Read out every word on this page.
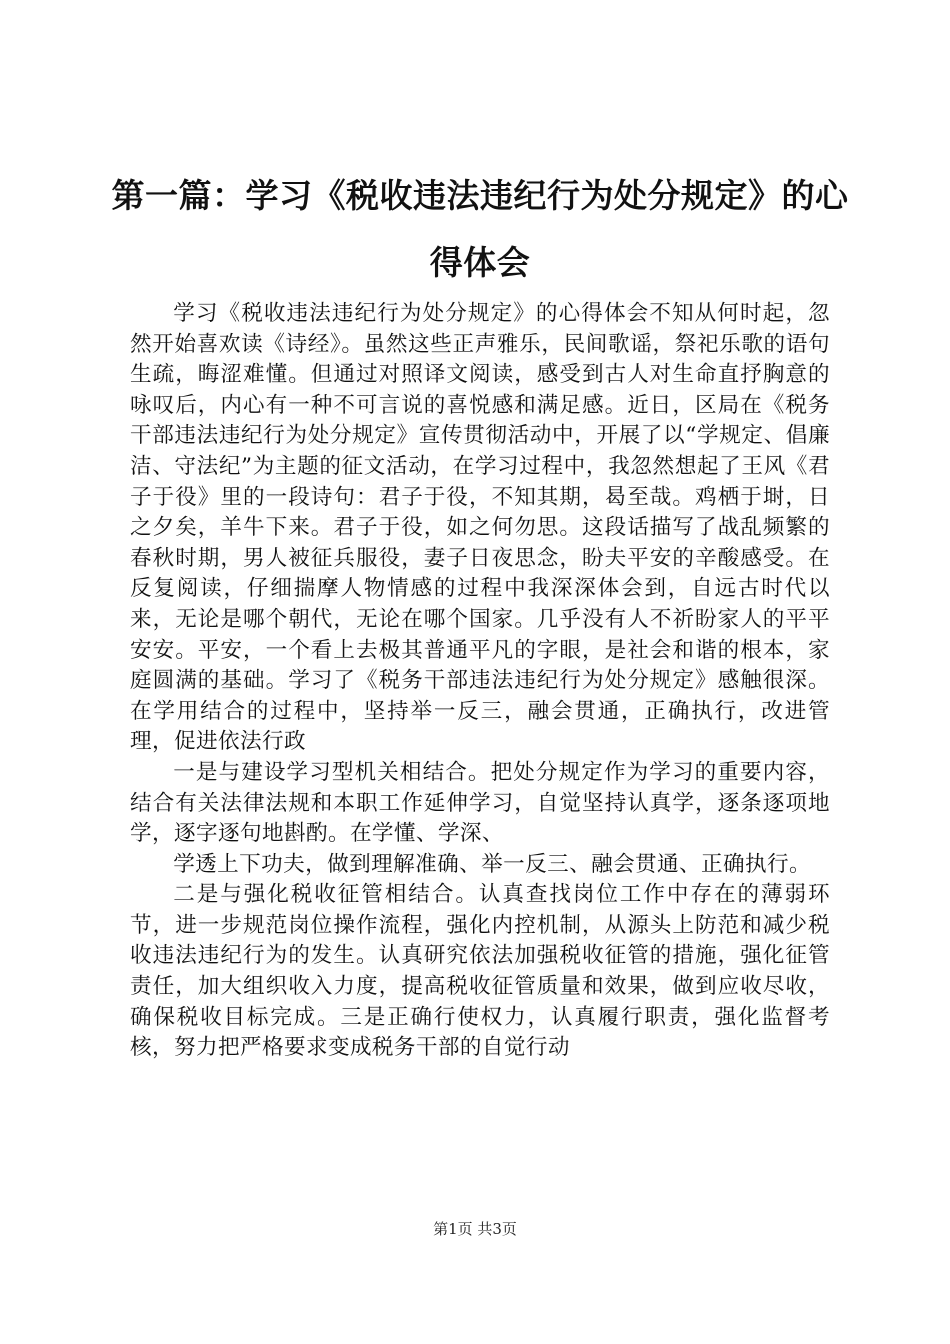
第一篇：学习《税收违法违纪行为处分规定》的心得体会

学习《税收违法违纪行为处分规定》的心得体会不知从何时起，忽然开始喜欢读《诗经》。虽然这些正声雅乐，民间歌谣，祭祀乐歌的语句生疏，晦涩难懂。但通过对照译文阅读，感受到古人对生命直抒胸意的咏叹后，内心有一种不可言说的喜悦感和满足感。近日，区局在《税务干部违法违纪行为处分规定》宣传贯彻活动中，开展了以“学规定、倡廉洁、守法纪”为主题的征文活动，在学习过程中，我忽然想起了王风《君子于役》里的一段诗句：君子于役，不知其期，曷至哉。鸡栖于埘，日之夕矣，羊牛下来。君子于役，如之何勿思。这段话描写了战乱频繁的春秋时期，男人被征兵服役，妻子日夜思念，盼夫平安的辛酸感受。在反复阅读，仔细揣摩人物情感的过程中我深深体会到，自远古时代以来，无论是哪个朝代，无论在哪个国家。几乎没有人不祈盼家人的平平安安。平安，一个看上去极其普通平凡的字眼，是社会和谐的根本，家庭圆满的基础。学习了《税务干部违法违纪行为处分规定》感触很深。在学用结合的过程中，坚持举一反三，融会贯通，正确执行，改进管理，促进依法行政

一是与建设学习型机关相结合。把处分规定作为学习的重要内容，结合有关法律法规和本职工作延伸学习，自觉坚持认真学，逐条逐项地学，逐字逐句地斟酌。在学懂、学深、

学透上下功夫，做到理解准确、举一反三、融会贯通、正确执行。

二是与强化税收征管相结合。认真查找岗位工作中存在的薄弱环节，进一步规范岗位操作流程，强化内控机制，从源头上防范和减少税收违法违纪行为的发生。认真研究依法加强税收征管的措施，强化征管责任，加大组织收入力度，提高税收征管质量和效果，做到应收尽收，确保税收目标完成。三是正确行使权力，认真履行职责，强化监督考核，努力把严格要求变成税务干部的自觉行动

第1页 共3页
